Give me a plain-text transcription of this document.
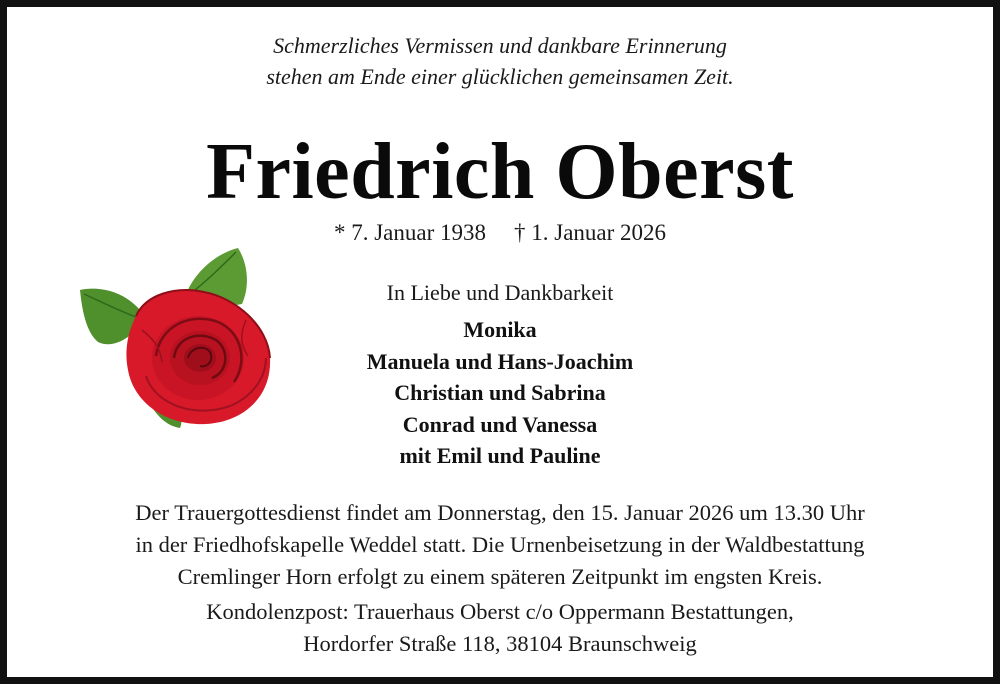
Schmerzliches Vermissen und dankbare Erinnerung
stehen am Ende einer glücklichen gemeinsamen Zeit.
Friedrich Oberst
* 7. Januar 1938 † 1. Januar 2026
In Liebe und Dankbarkeit
Monika
Manuela und Hans-Joachim
Christian und Sabrina
Conrad und Vanessa
mit Emil und Pauline
Der Trauergottesdienst findet am Donnerstag, den 15. Januar 2026 um 13.30 Uhr
in der Friedhofskapelle Weddel statt. Die Urnenbeisetzung in der Waldbestattung
Cremlinger Horn erfolgt zu einem späteren Zeitpunkt im engsten Kreis.
Kondolenzpost: Trauerhaus Oberst c/o Oppermann Bestattungen,
Hordorfer Straße 118, 38104 Braunschweig
